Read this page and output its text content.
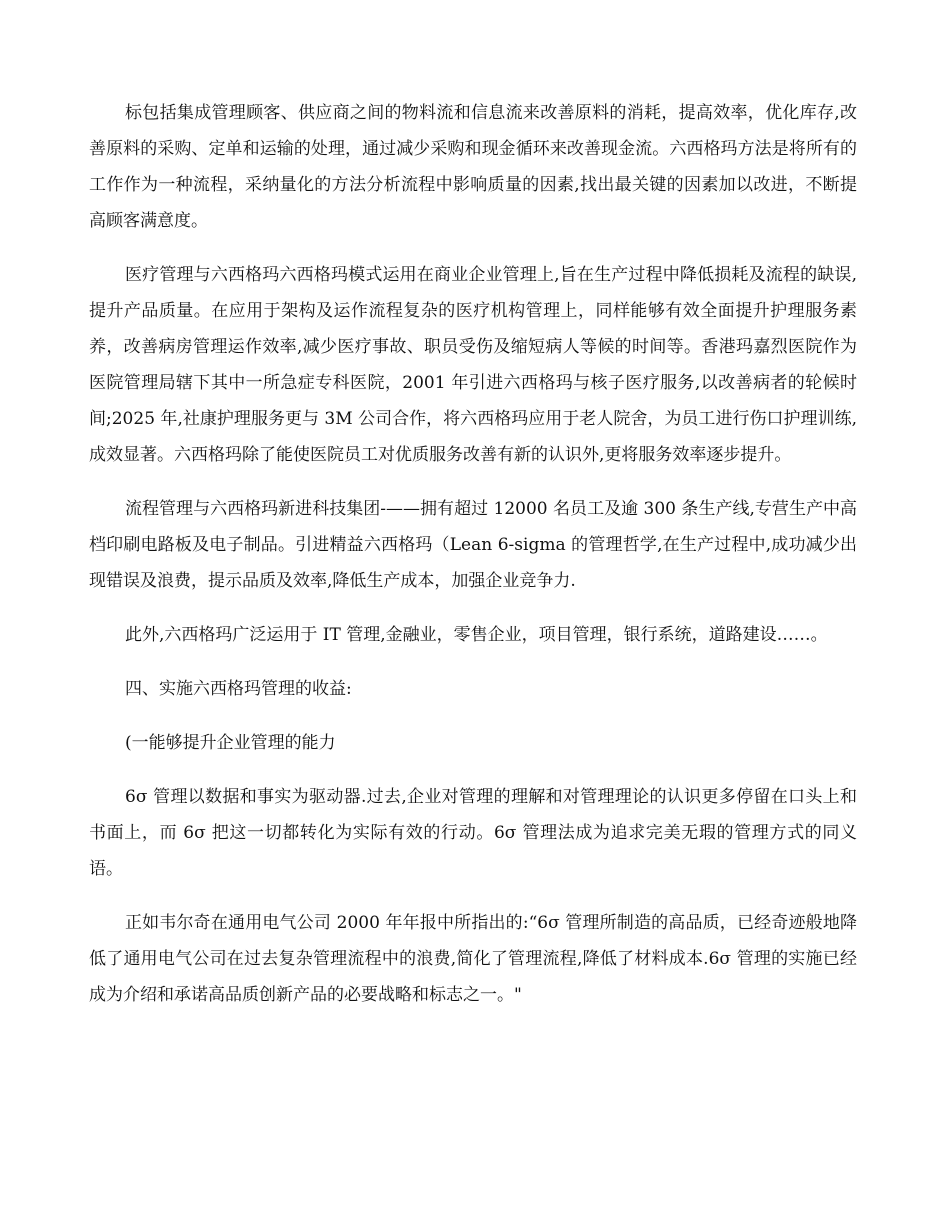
标包括集成管理顾客、供应商之间的物料流和信息流来改善原料的消耗，提高效率，优化库存,改善原料的采购、定单和运输的处理，通过减少采购和现金循环来改善现金流。六西格玛方法是将所有的工作作为一种流程，采纳量化的方法分析流程中影响质量的因素,找出最关键的因素加以改进，不断提高顾客满意度。

医疗管理与六西格玛六西格玛模式运用在商业企业管理上,旨在生产过程中降低损耗及流程的缺误,提升产品质量。在应用于架构及运作流程复杂的医疗机构管理上，同样能够有效全面提升护理服务素养，改善病房管理运作效率,减少医疗事故、职员受伤及缩短病人等候的时间等。香港玛嘉烈医院作为医院管理局辖下其中一所急症专科医院，2001 年引进六西格玛与核子医疗服务,以改善病者的轮候时间;2025 年,社康护理服务更与 3M 公司合作，将六西格玛应用于老人院舍，为员工进行伤口护理训练,成效显著。六西格玛除了能使医院员工对优质服务改善有新的认识外,更将服务效率逐步提升。

流程管理与六西格玛新进科技集团-——拥有超过 12000 名员工及逾 300 条生产线,专营生产中高档印刷电路板及电子制品。引进精益六西格玛（Lean 6-sigma 的管理哲学,在生产过程中,成功减少出现错误及浪费，提示品质及效率,降低生产成本，加强企业竞争力.

此外,六西格玛广泛运用于 IT 管理,金融业，零售企业，项目管理，银行系统，道路建设……。

四、实施六西格玛管理的收益:

(一能够提升企业管理的能力

6σ 管理以数据和事实为驱动器.过去,企业对管理的理解和对管理理论的认识更多停留在口头上和书面上，而 6σ 把这一切都转化为实际有效的行动。6σ 管理法成为追求完美无瑕的管理方式的同义语。

正如韦尔奇在通用电气公司 2000 年年报中所指出的:“6σ 管理所制造的高品质，已经奇迹般地降低了通用电气公司在过去复杂管理流程中的浪费,简化了管理流程,降低了材料成本.6σ 管理的实施已经成为介绍和承诺高品质创新产品的必要战略和标志之一。"
